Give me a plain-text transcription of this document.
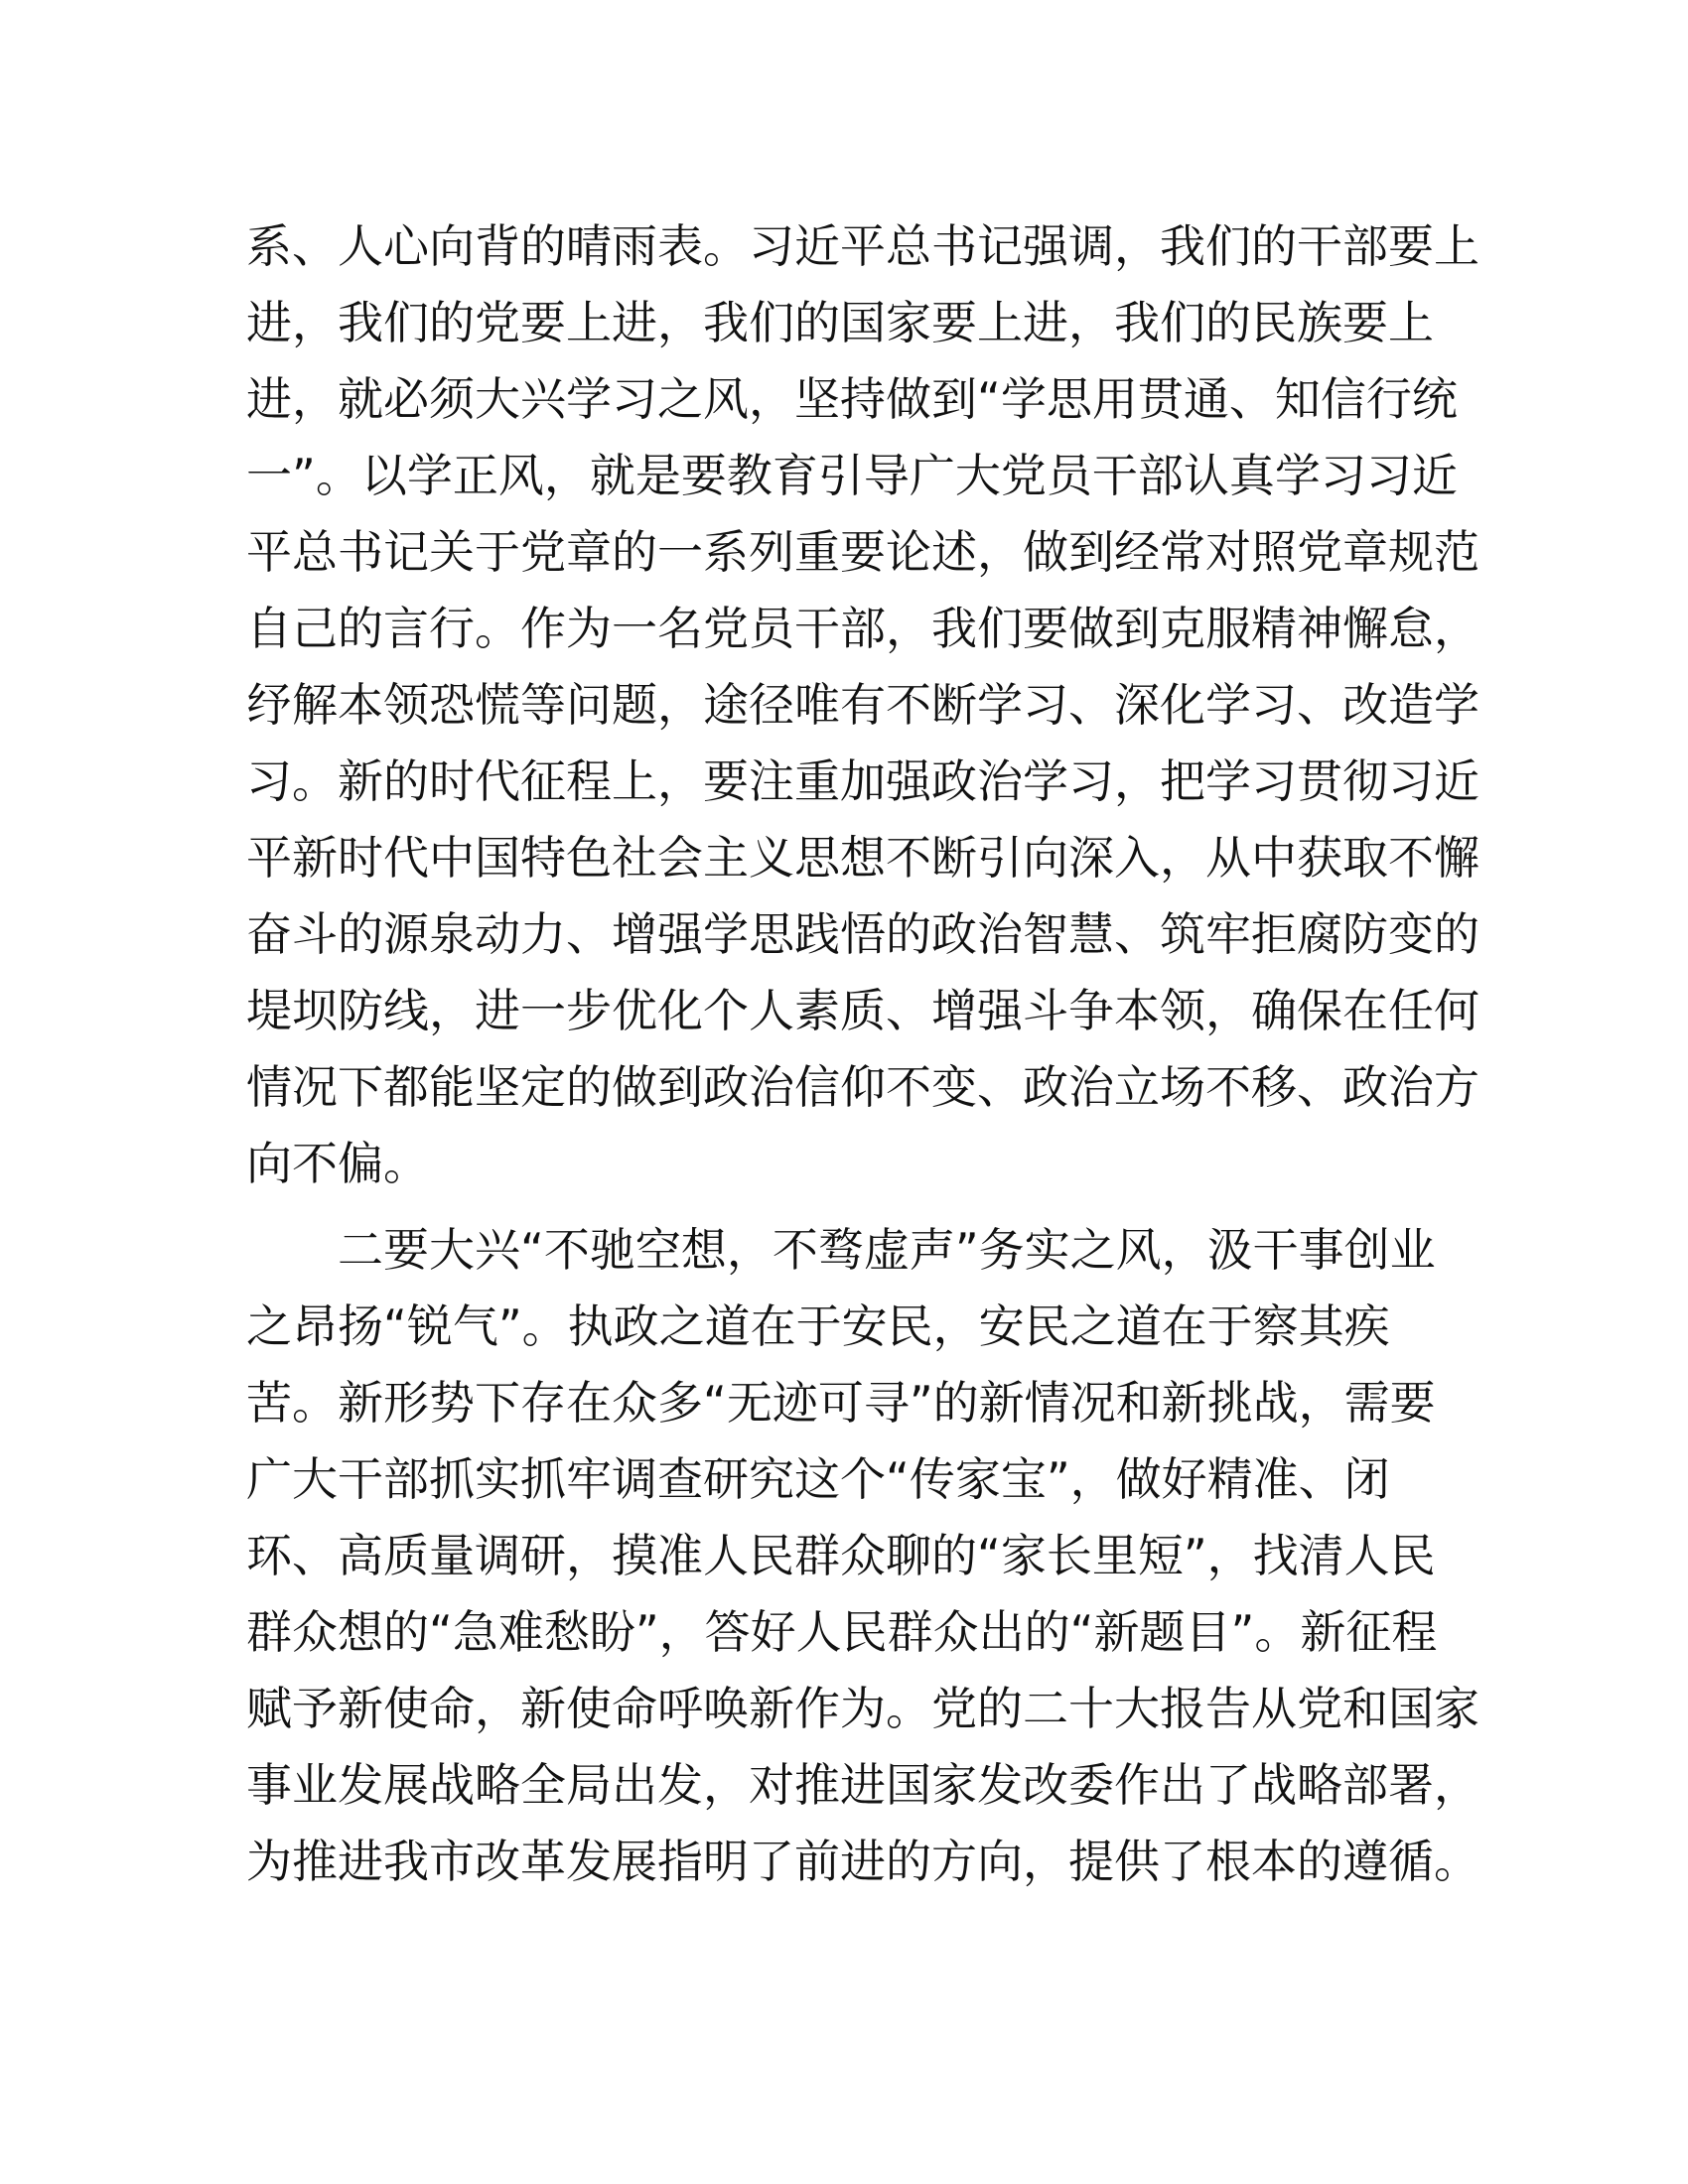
系、人心向背的晴雨表。习近平总书记强调，我们的干部要上
进，我们的党要上进，我们的国家要上进，我们的民族要上
进，就必须大兴学习之风，坚持做到“学思用贯通、知信行统
一”。以学正风，就是要教育引导广大党员干部认真学习习近
平总书记关于党章的一系列重要论述，做到经常对照党章规范
自己的言行。作为一名党员干部，我们要做到克服精神懈怠，
纾解本领恐慌等问题，途径唯有不断学习、深化学习、改造学
习。新的时代征程上，要注重加强政治学习，把学习贯彻习近
平新时代中国特色社会主义思想不断引向深入，从中获取不懈
奋斗的源泉动力、增强学思践悟的政治智慧、筑牢拒腐防变的
堤坝防线，进一步优化个人素质、增强斗争本领，确保在任何
情况下都能坚定的做到政治信仰不变、政治立场不移、政治方
向不偏。
二要大兴“不驰空想，不骛虚声”务实之风，汲干事创业
之昂扬“锐气”。执政之道在于安民，安民之道在于察其疾
苦。新形势下存在众多“无迹可寻”的新情况和新挑战，需要
广大干部抓实抓牢调查研究这个“传家宝”，做好精准、闭
环、高质量调研，摸准人民群众聊的“家长里短”，找清人民
群众想的“急难愁盼”，答好人民群众出的“新题目”。新征程
赋予新使命，新使命呼唤新作为。党的二十大报告从党和国家
事业发展战略全局出发，对推进国家发改委作出了战略部署，
为推进我市改革发展指明了前进的方向，提供了根本的遵循。
